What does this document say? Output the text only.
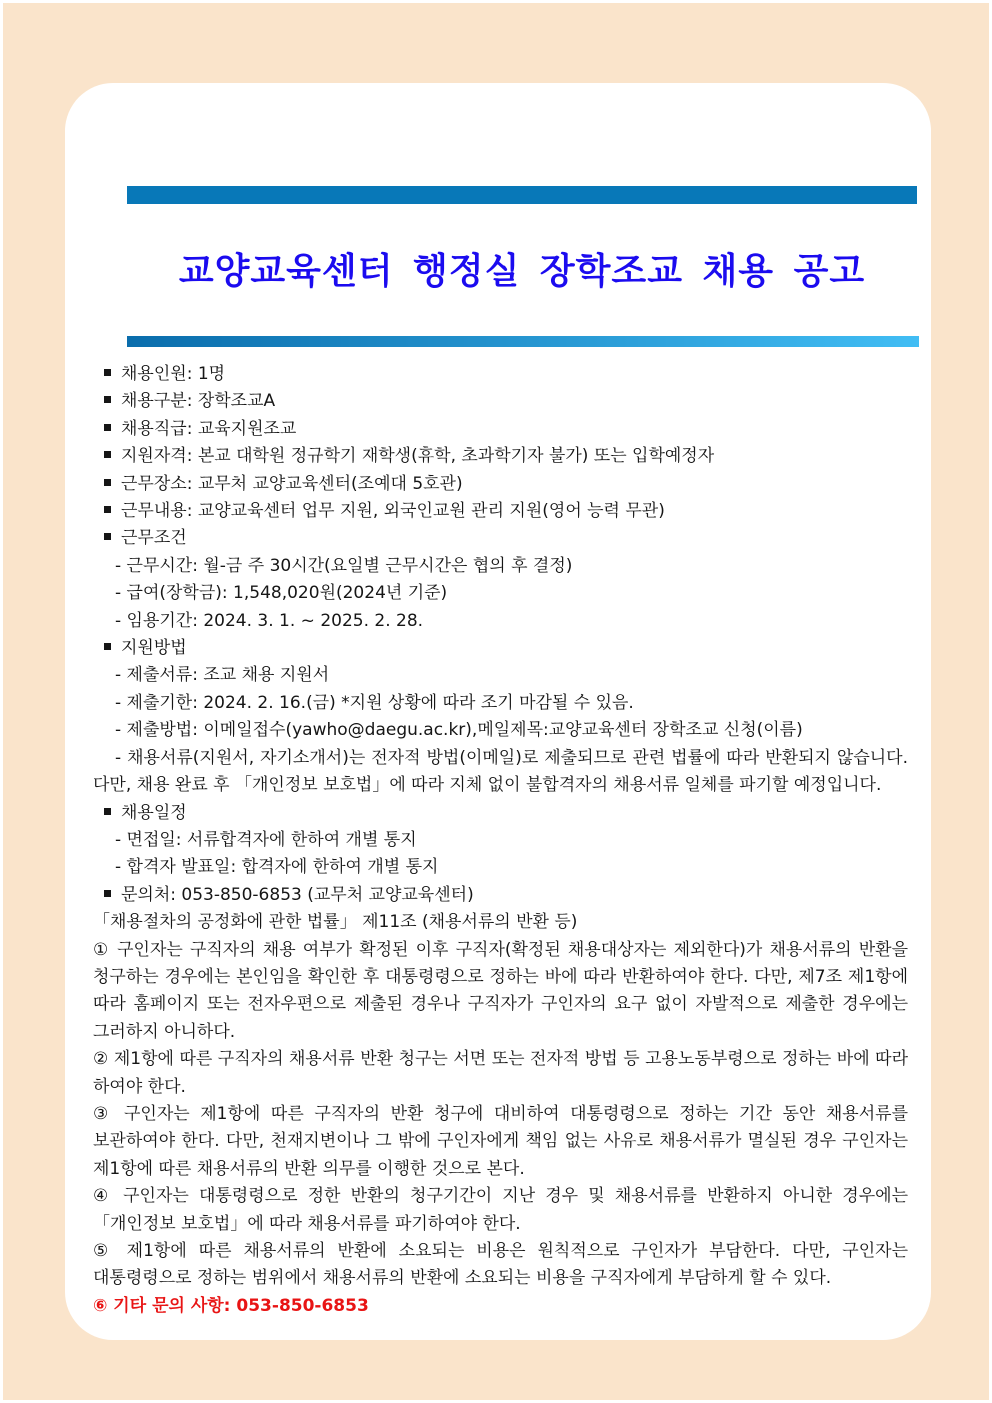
교양교육센터 행정실 장학조교 채용 공고

채용인원: 1명

채용구분: 장학조교A

채용직급: 교육지원조교

지원자격: 본교 대학원 정규학기 재학생(휴학, 초과학기자 불가) 또는 입학예정자

근무장소: 교무처 교양교육센터(조예대 5호관)

근무내용: 교양교육센터 업무 지원, 외국인교원 관리 지원(영어 능력 무관)

근무조건

- 근무시간: 월-금 주 30시간(요일별 근무시간은 협의 후 결정)

- 급여(장학금): 1,548,020원(2024년 기준)

- 임용기간: 2024. 3. 1. ~ 2025. 2. 28.

지원방법

- 제출서류: 조교 채용 지원서

- 제출기한: 2024. 2. 16.(금) *지원 상황에 따라 조기 마감될 수 있음.

- 제출방법: 이메일접수(yawho@daegu.ac.kr),메일제목:교양교육센터 장학조교 신청(이름)

- 채용서류(지원서, 자기소개서)는 전자적 방법(이메일)로 제출되므로 관련 법률에 따라 반환되지 않습니다. 다만, 채용 완료 후 「개인정보 보호법」에 따라 지체 없이 불합격자의 채용서류 일체를 파기할 예정입니다.

채용일정

- 면접일: 서류합격자에 한하여 개별 통지

- 합격자 발표일: 합격자에 한하여 개별 통지

문의처: 053-850-6853 (교무처 교양교육센터)

「채용절차의 공정화에 관한 법률」 제11조 (채용서류의 반환 등)

① 구인자는 구직자의 채용 여부가 확정된 이후 구직자(확정된 채용대상자는 제외한다)가 채용서류의 반환을 청구하는 경우에는 본인임을 확인한 후 대통령령으로 정하는 바에 따라 반환하여야 한다. 다만, 제7조 제1항에 따라 홈페이지 또는 전자우편으로 제출된 경우나 구직자가 구인자의 요구 없이 자발적으로 제출한 경우에는 그러하지 아니하다.

② 제1항에 따른 구직자의 채용서류 반환 청구는 서면 또는 전자적 방법 등 고용노동부령으로 정하는 바에 따라 하여야 한다.

③ 구인자는 제1항에 따른 구직자의 반환 청구에 대비하여 대통령령으로 정하는 기간 동안 채용서류를 보관하여야 한다. 다만, 천재지변이나 그 밖에 구인자에게 책임 없는 사유로 채용서류가 멸실된 경우 구인자는 제1항에 따른 채용서류의 반환 의무를 이행한 것으로 본다.

④ 구인자는 대통령령으로 정한 반환의 청구기간이 지난 경우 및 채용서류를 반환하지 아니한 경우에는 「개인정보 보호법」에 따라 채용서류를 파기하여야 한다.

⑤ 제1항에 따른 채용서류의 반환에 소요되는 비용은 원칙적으로 구인자가 부담한다. 다만, 구인자는 대통령령으로 정하는 범위에서 채용서류의 반환에 소요되는 비용을 구직자에게 부담하게 할 수 있다.

⑥ 기타 문의 사항: 053-850-6853
